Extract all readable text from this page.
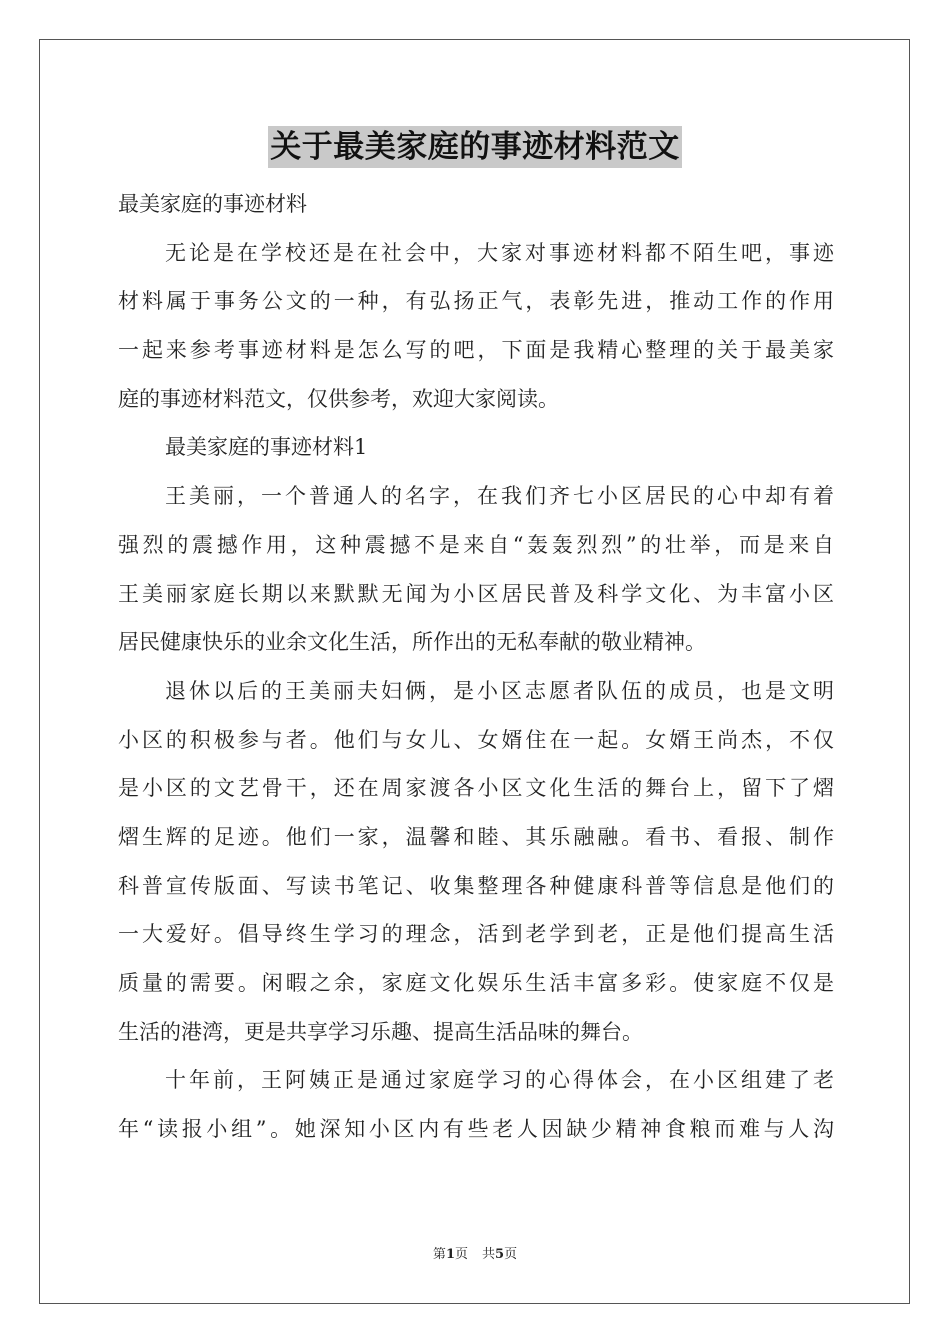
关于最美家庭的事迹材料范文
最美家庭的事迹材料
无论是在学校还是在社会中，大家对事迹材料都不陌生吧，事迹
材料属于事务公文的一种，有弘扬正气，表彰先进，推动工作的作用
一起来参考事迹材料是怎么写的吧，下面是我精心整理的关于最美家
庭的事迹材料范文，仅供参考，欢迎大家阅读。
最美家庭的事迹材料1
王美丽，一个普通人的名字，在我们齐七小区居民的心中却有着
强烈的震撼作用，这种震撼不是来自“轰轰烈烈”的壮举，而是来自
王美丽家庭长期以来默默无闻为小区居民普及科学文化、为丰富小区
居民健康快乐的业余文化生活，所作出的无私奉献的敬业精神。
退休以后的王美丽夫妇俩，是小区志愿者队伍的成员，也是文明
小区的积极参与者。他们与女儿、女婿住在一起。女婿王尚杰，不仅
是小区的文艺骨干，还在周家渡各小区文化生活的舞台上，留下了熠
熠生辉的足迹。他们一家，温馨和睦、其乐融融。看书、看报、制作
科普宣传版面、写读书笔记、收集整理各种健康科普等信息是他们的
一大爱好。倡导终生学习的理念，活到老学到老，正是他们提高生活
质量的需要。闲暇之余，家庭文化娱乐生活丰富多彩。使家庭不仅是
生活的港湾，更是共享学习乐趣、提高生活品味的舞台。
十年前，王阿姨正是通过家庭学习的心得体会，在小区组建了老
年“读报小组”。她深知小区内有些老人因缺少精神食粮而难与人沟
第1页 共5页
